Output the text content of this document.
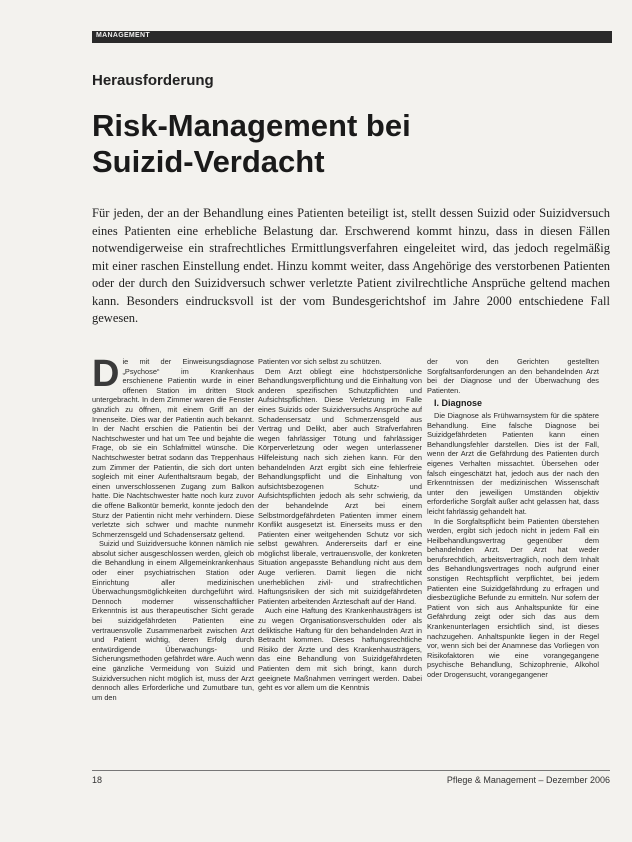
MANAGEMENT
Herausforderung
Risk-Management bei
Suizid-Verdacht

Für jeden, der an der Behandlung eines Patienten beteiligt ist, stellt dessen Suizid oder Suizidversuch eines Patienten eine erhebliche Belastung dar. Erschwerend kommt hinzu, dass in diesen Fällen notwendigerweise ein strafrechtliches Ermittlungsverfahren eingeleitet wird, das jedoch regelmäßig mit einer raschen Einstellung endet. Hinzu kommt weiter, dass Angehörige des verstorbenen Patienten oder der durch den Suizidversuch schwer verletzte Patient zivilrechtliche Ansprüche geltend machen kann. Besonders eindrucksvoll ist der vom Bundesgerichtshof im Jahre 2000 entschiedene Fall gewesen.

Die mit der Einweisungsdiagnose „Psychose“ im Krankenhaus erschienene Patientin wurde in einer offenen Station im dritten Stock untergebracht. In dem Zimmer waren die Fenster gänzlich zu öffnen, mit einem Griff an der Innenseite. Dies war der Patientin auch bekannt. In der Nacht erschien die Patientin bei der Nachtschwester und hat um Tee und bejahte die Frage, ob sie ein Schlafmittel wünsche. Die Nachtschwester betrat sodann das Treppenhaus zum Zimmer der Patientin, die sich dort unten sogleich mit einer Aufenthaltsraum begab, der einen unverschlossenen Zugang zum Balkon hatte. Die Nachtschwester hatte noch kurz zuvor die offene Balkontür bemerkt, konnte jedoch den Sturz der Patientin nicht mehr verhindern. Diese verletzte sich schwer und machte nunmehr Schmerzensgeld und Schadensersatz geltend.

Suizid und Suizidversuche können nämlich nie absolut sicher ausgeschlossen werden, gleich ob die Behandlung in einem Allgemeinkrankenhaus oder einer psychiatrischen Station oder Einrichtung aller medizinischen Überwachungsmöglichkeiten durchgeführt wird. Dennoch moderner wissenschaftlicher Erkenntnis ist aus therapeutischer Sicht gerade bei suizidgefährdeten Patienten eine vertrauensvolle Zusammenarbeit zwischen Arzt und Patient wichtig, deren Erfolg durch entwürdigende Überwachungs- und Sicherungsmethoden gefährdet wäre. Auch wenn eine gänzliche Vermeidung von Suizid und Suizidversuchen nicht möglich ist, muss der Arzt dennoch alles Erforderliche und Zumutbare tun, um den

Patienten vor sich selbst zu schützen.

Dem Arzt obliegt eine höchstpersönliche Behandlungsverpflichtung und die Einhaltung von anderen spezifischen Schutzpflichten und Aufsichtspflichten. Diese Verletzung im Falle eines Suizids oder Suizidversuchs Ansprüche auf Schadensersatz und Schmerzensgeld aus Vertrag und Delikt, aber auch Strafverfahren wegen fahrlässiger Tötung und fahrlässiger Körperverletzung oder wegen unterlassener Hilfeleistung nach sich ziehen kann. Für den behandelnden Arzt ergibt sich eine fehlerfreie Behandlungspflicht und die Einhaltung von aufsichtsbezogenen Schutz- und Aufsichtspflichten jedoch als sehr schwierig, da der behandelnde Arzt bei einem Selbstmordgefährdeten Patienten immer einem Konflikt ausgesetzt ist. Einerseits muss er den Patienten einer weitgehenden Schutz vor sich selbst gewähren. Andererseits darf er eine möglichst liberale, vertrauensvolle, der konkreten Situation angepasste Behandlung nicht aus dem Auge verlieren. Damit liegen die nicht unerheblichen zivil- und strafrechtlichen Haftungsrisiken der sich mit suizidgefährdeten Patienten arbeitenden Ärzteschaft auf der Hand.

Auch eine Haftung des Krankenhausträgers ist zu wegen Organisationsverschulden oder als deliktische Haftung für den behandelnden Arzt in Betracht kommen. Dieses haftungsrechtliche Risiko der Ärzte und des Krankenhausträgers, das eine Behandlung von Suizidgefährdeten Patienten dem mit sich bringt, kann durch geeignete Maßnahmen verringert werden. Dabei geht es vor allem um die Kenntnis

der von den Gerichten gestellten Sorgfaltsanforderungen an den behandelnden Arzt bei der Diagnose und der Überwachung des Patienten.

I. Diagnose

Die Diagnose als Frühwarnsystem für die spätere Behandlung. Eine falsche Diagnose bei Suizidgefährdeten Patienten kann einen Behandlungsfehler darstellen. Dies ist der Fall, wenn der Arzt die Gefährdung des Patienten durch eigenes Verhalten missachtet. Übersehen oder falsch eingeschätzt hat, jedoch aus der nach den Erkenntnissen der medizinischen Wissenschaft unter den jeweiligen Umständen objektiv erforderliche Sorgfalt außer acht gelassen hat, dass leicht fahrlässig gehandelt hat.

In die Sorgfaltspflicht beim Patienten überstehen werden, ergibt sich jedoch nicht in jedem Fall ein Heilbehandlungsvertrag gegenüber dem behandelnden Arzt. Der Arzt hat weder berufsrechtlich, arbeitsvertraglich, noch dem Inhalt des Behandlungsvertrages noch aufgrund einer sonstigen Rechtspflicht verpflichtet, bei jedem Patienten eine Suizidgefährdung zu erfragen und diesbezügliche Befunde zu ermitteln. Nur sofern der Patient von sich aus Anhaltspunkte für eine Gefährdung zeigt oder sich das aus dem Krankenunterlagen ersichtlich sind, ist dieses nachzugehen. Anhaltspunkte liegen in der Regel vor, wenn sich bei der Anamnese das Vorliegen von Risikofaktoren wie eine vorangegangene psychische Behandlung, Schizophrenie, Alkohol oder Drogensucht, vorangegangener

18	Pflege & Management – Dezember 2006
